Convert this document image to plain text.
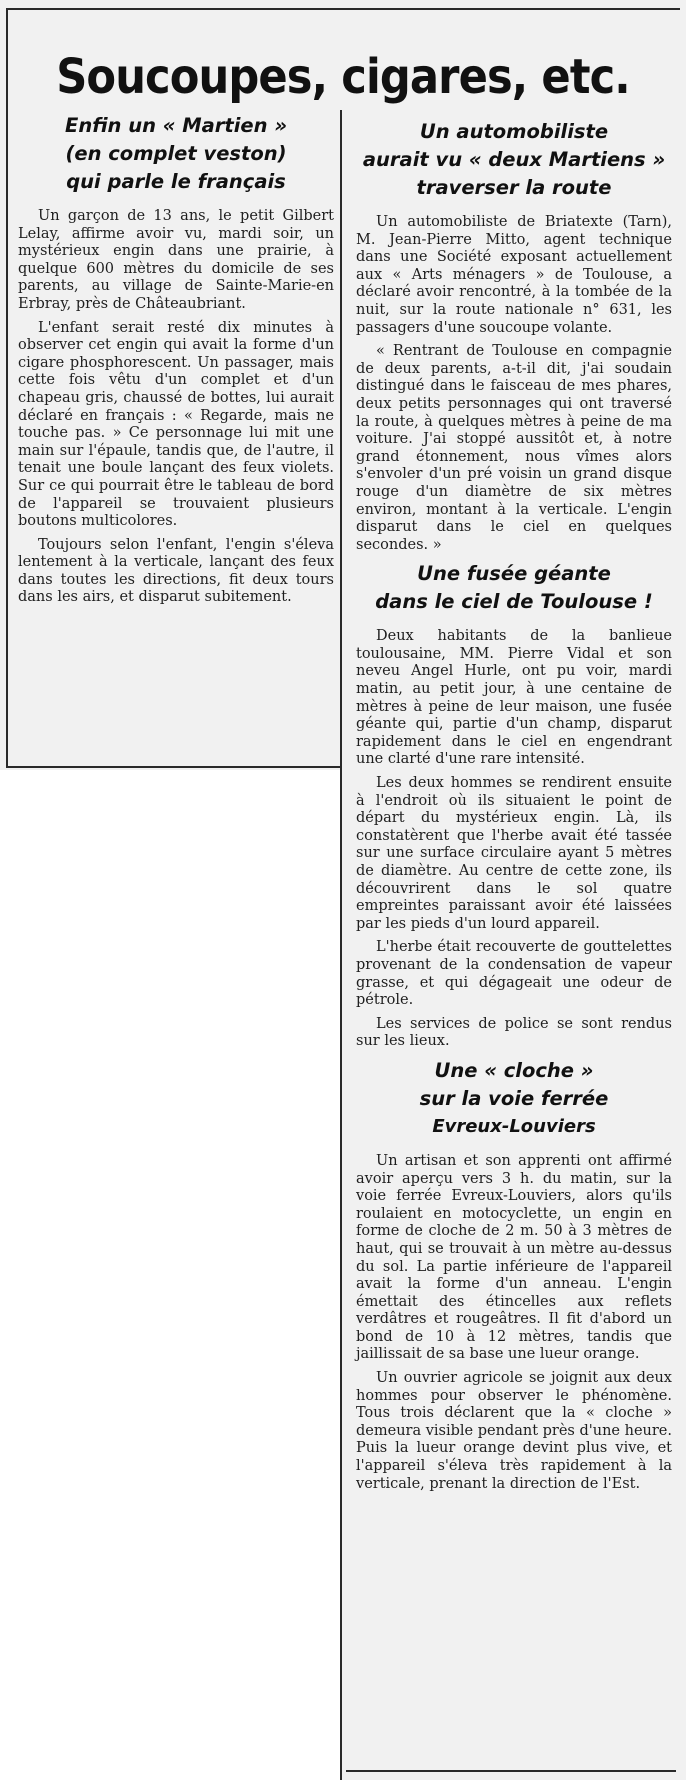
Soucoupes, cigares, etc.
Enfin un « Martien »
(en complet veston)
qui parle le français

Un garçon de 13 ans, le petit Gilbert Lelay, affirme avoir vu, mardi soir, un mystérieux engin dans une prairie, à quelque 600 mètres du domicile de ses parents, au village de Sainte-Marie-en Erbray, près de Châteaubriant.

L'enfant serait resté dix minutes à observer cet engin qui avait la forme d'un cigare phosphorescent. Un passager, mais cette fois vêtu d'un complet et d'un chapeau gris, chaussé de bottes, lui aurait déclaré en français : « Regarde, mais ne touche pas. » Ce personnage lui mit une main sur l'épaule, tandis que, de l'autre, il tenait une boule lançant des feux violets. Sur ce qui pourrait être le tableau de bord de l'appareil se trouvaient plusieurs boutons multicolores.

Toujours selon l'enfant, l'engin s'éleva lentement à la verticale, lançant des feux dans toutes les directions, fit deux tours dans les airs, et disparut subitement.

Un automobiliste
aurait vu « deux Martiens »
traverser la route

Un automobiliste de Briatexte (Tarn), M. Jean-Pierre Mitto, agent technique dans une Société exposant actuellement aux « Arts ménagers » de Toulouse, a déclaré avoir rencontré, à la tombée de la nuit, sur la route nationale n° 631, les passagers d'une soucoupe volante.

« Rentrant de Toulouse en compagnie de deux parents, a-t-il dit, j'ai soudain distingué dans le faisceau de mes phares, deux petits personnages qui ont traversé la route, à quelques mètres à peine de ma voiture. J'ai stoppé aussitôt et, à notre grand étonnement, nous vîmes alors s'envoler d'un pré voisin un grand disque rouge d'un diamètre de six mètres environ, montant à la verticale. L'engin disparut dans le ciel en quelques secondes. »

Une fusée géante
dans le ciel de Toulouse !

Deux habitants de la banlieue toulousaine, MM. Pierre Vidal et son neveu Angel Hurle, ont pu voir, mardi matin, au petit jour, à une centaine de mètres à peine de leur maison, une fusée géante qui, partie d'un champ, disparut rapidement dans le ciel en engendrant une clarté d'une rare intensité.

Les deux hommes se rendirent ensuite à l'endroit où ils situaient le point de départ du mystérieux engin. Là, ils constatèrent que l'herbe avait été tassée sur une surface circulaire ayant 5 mètres de diamètre. Au centre de cette zone, ils découvrirent dans le sol quatre empreintes paraissant avoir été laissées par les pieds d'un lourd appareil.

L'herbe était recouverte de gouttelettes provenant de la condensation de vapeur grasse, et qui dégageait une odeur de pétrole.

Les services de police se sont rendus sur les lieux.

Une « cloche »
sur la voie ferrée
Evreux-Louviers

Un artisan et son apprenti ont affirmé avoir aperçu vers 3 h. du matin, sur la voie ferrée Evreux-Louviers, alors qu'ils roulaient en motocyclette, un engin en forme de cloche de 2 m. 50 à 3 mètres de haut, qui se trouvait à un mètre au-dessus du sol. La partie inférieure de l'appareil avait la forme d'un anneau. L'engin émettait des étincelles aux reflets verdâtres et rougeâtres. Il fit d'abord un bond de 10 à 12 mètres, tandis que jaillissait de sa base une lueur orange.

Un ouvrier agricole se joignit aux deux hommes pour observer le phénomène. Tous trois déclarent que la « cloche » demeura visible pendant près d'une heure. Puis la lueur orange devint plus vive, et l'appareil s'éleva très rapidement à la verticale, prenant la direction de l'Est.
